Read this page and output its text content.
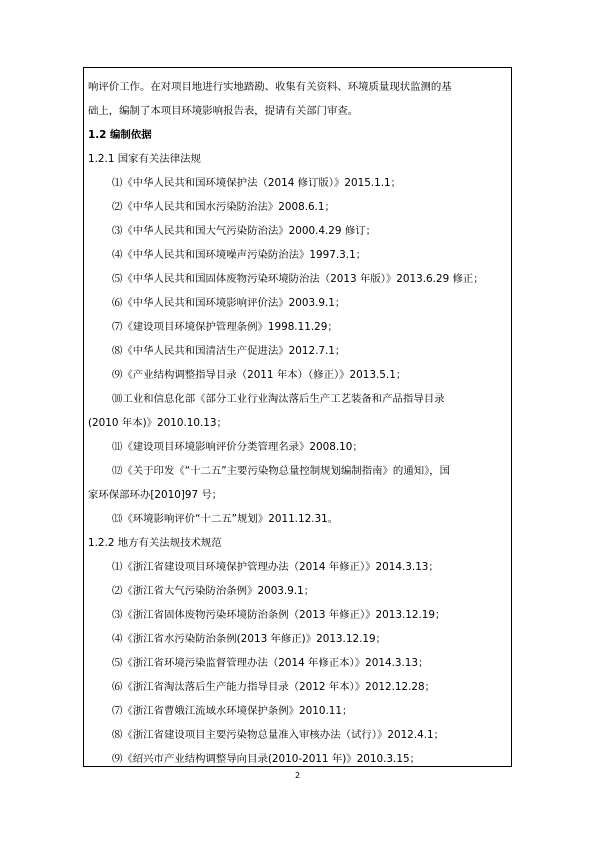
响评价工作。在对项目地进行实地踏勘、收集有关资料、环境质量现状监测的基
础上，编制了本项目环境影响报告表，提请有关部门审查。
1.2 编制依据
1.2.1 国家有关法律法规
⑴《中华人民共和国环境保护法（2014 修订版）》2015.1.1；
⑵《中华人民共和国水污染防治法》2008.6.1；
⑶《中华人民共和国大气污染防治法》2000.4.29 修订；
⑷《中华人民共和国环境噪声污染防治法》1997.3.1；
⑸《中华人民共和国固体废物污染环境防治法（2013 年版）》2013.6.29 修正；
⑹《中华人民共和国环境影响评价法》2003.9.1；
⑺《建设项目环境保护管理条例》1998.11.29；
⑻《中华人民共和国清洁生产促进法》2012.7.1；
⑼《产业结构调整指导目录（2011 年本）（修正）》2013.5.1；
⑽工业和信息化部《部分工业行业淘汰落后生产工艺装备和产品指导目录
(2010 年本)》2010.10.13；
⑾《建设项目环境影响评价分类管理名录》2008.10；
⑿《关于印发《“十二五”主要污染物总量控制规划编制指南》的通知》，国
家环保部环办[2010]97 号；
⒀《环境影响评价“十二五”规划》2011.12.31。
1.2.2 地方有关法规技术规范
⑴《浙江省建设项目环境保护管理办法（2014 年修正）》2014.3.13；
⑵《浙江省大气污染防治条例》2003.9.1；
⑶《浙江省固体废物污染环境防治条例（2013 年修正）》2013.12.19；
⑷《浙江省水污染防治条例(2013 年修正)》2013.12.19；
⑸《浙江省环境污染监督管理办法（2014 年修正本）》2014.3.13；
⑹《浙江省淘汰落后生产能力指导目录（2012 年本）》2012.12.28；
⑺《浙江省曹娥江流域水环境保护条例》2010.11；
⑻《浙江省建设项目主要污染物总量准入审核办法（试行）》2012.4.1；
⑼《绍兴市产业结构调整导向目录(2010-2011 年)》2010.3.15；
2
